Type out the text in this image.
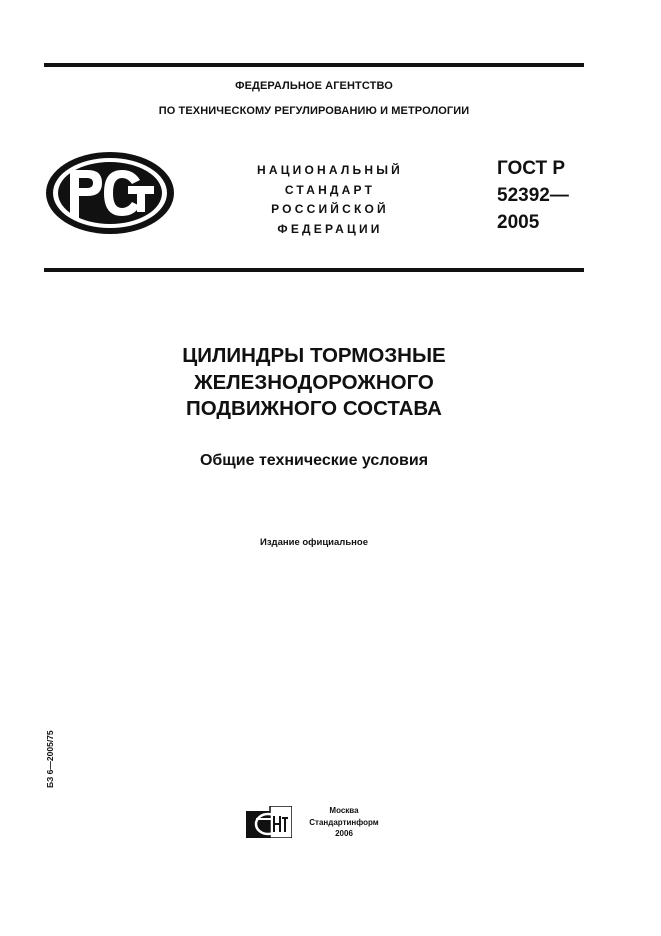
ФЕДЕРАЛЬНОЕ АГЕНТСТВО
ПО ТЕХНИЧЕСКОМУ РЕГУЛИРОВАНИЮ И МЕТРОЛОГИИ
НАЦИОНАЛЬНЫЙ
СТАНДАРТ
РОССИЙСКОЙ
ФЕДЕРАЦИИ
ГОСТ Р
52392—
2005
ЦИЛИНДРЫ ТОРМОЗНЫЕ
ЖЕЛЕЗНОДОРОЖНОГО
ПОДВИЖНОГО СОСТАВА
Общие технические условия
Издание официальное
БЗ 6—2005/75
Москва
Стандартинформ
2006
